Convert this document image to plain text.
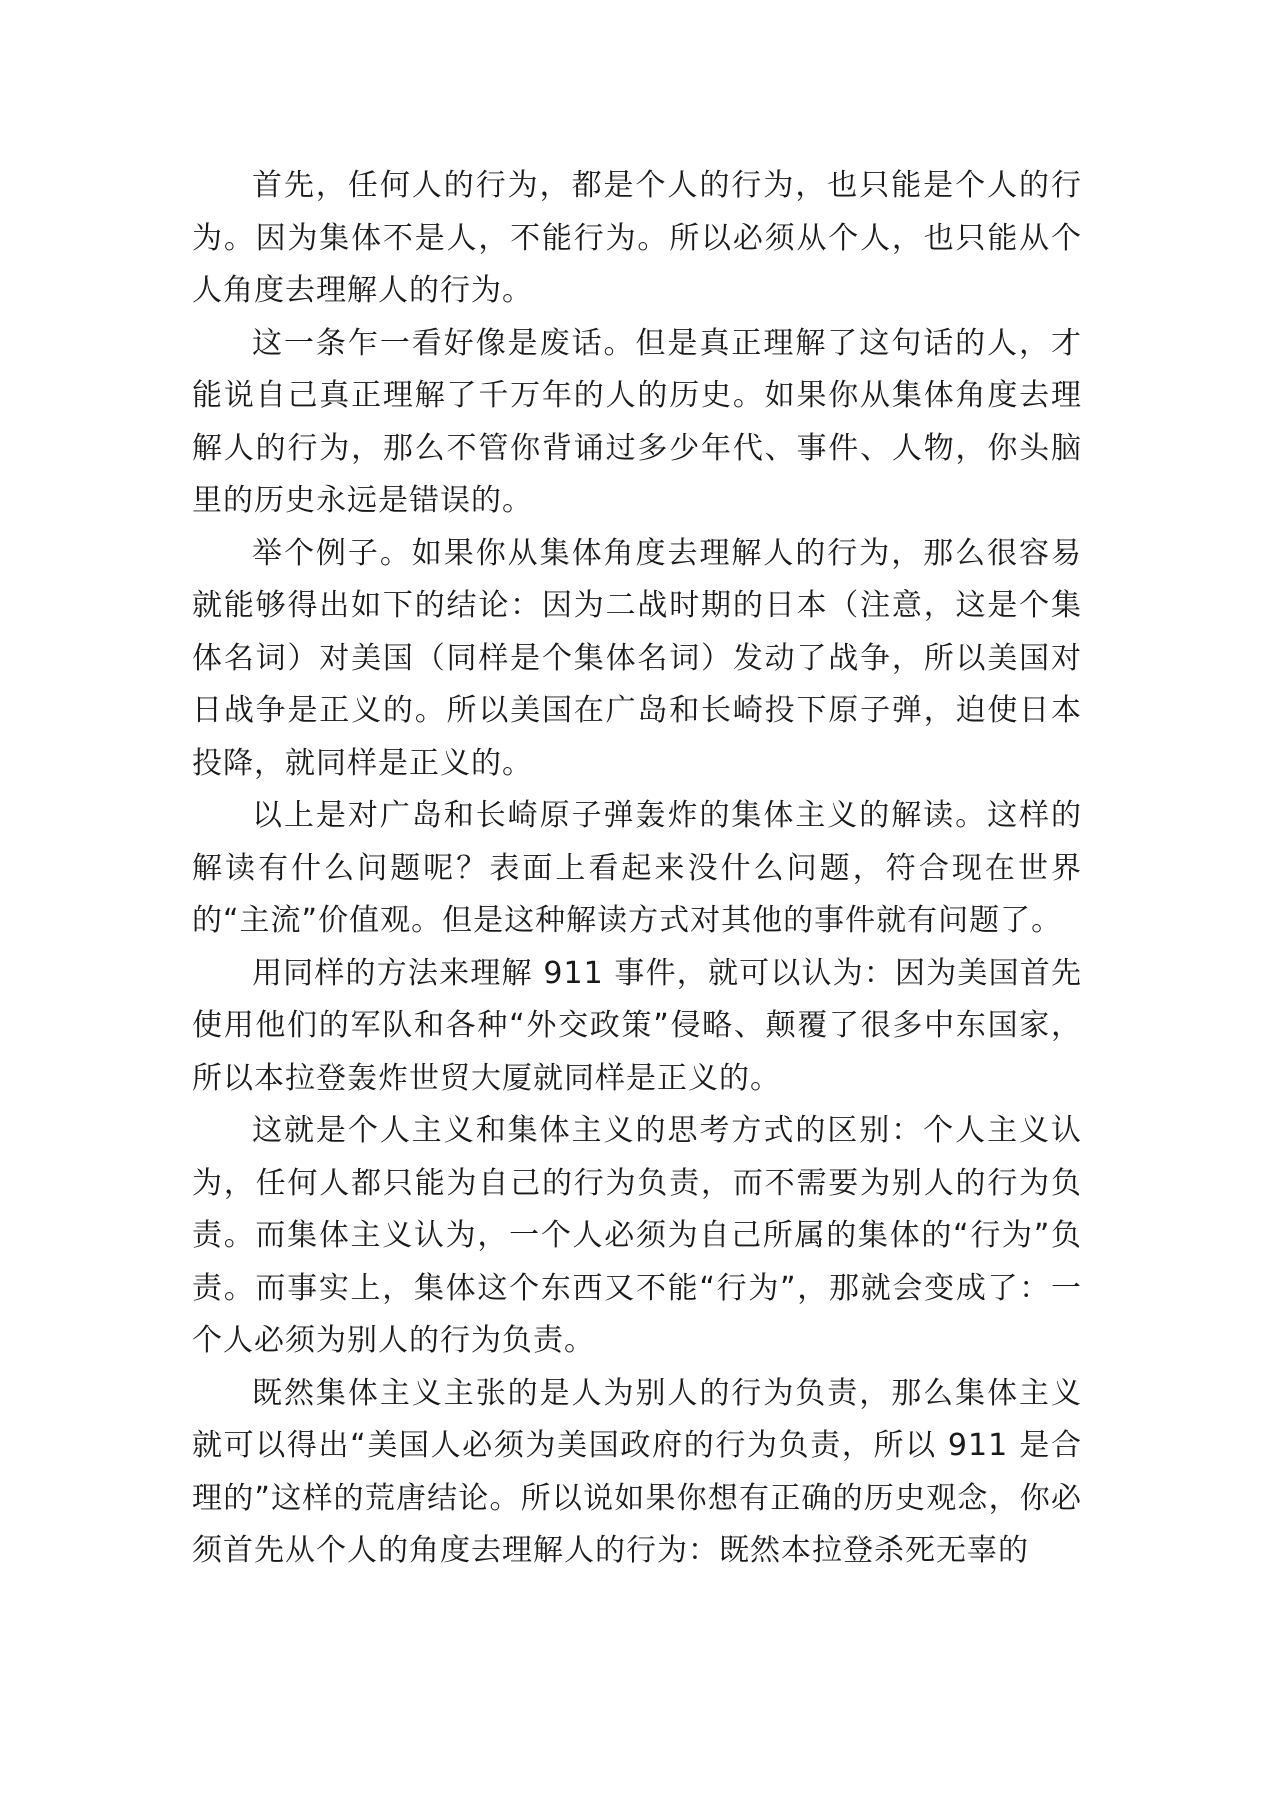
首先，任何人的行为，都是个人的行为，也只能是个人的行为。因为集体不是人，不能行为。所以必须从个人，也只能从个人角度去理解人的行为。

这一条乍一看好像是废话。但是真正理解了这句话的人，才能说自己真正理解了千万年的人的历史。如果你从集体角度去理解人的行为，那么不管你背诵过多少年代、事件、人物，你头脑里的历史永远是错误的。

举个例子。如果你从集体角度去理解人的行为，那么很容易就能够得出如下的结论：因为二战时期的日本（注意，这是个集体名词）对美国（同样是个集体名词）发动了战争，所以美国对日战争是正义的。所以美国在广岛和长崎投下原子弹，迫使日本投降，就同样是正义的。

以上是对广岛和长崎原子弹轰炸的集体主义的解读。这样的解读有什么问题呢？表面上看起来没什么问题，符合现在世界的“主流”价值观。但是这种解读方式对其他的事件就有问题了。

用同样的方法来理解 911 事件，就可以认为：因为美国首先使用他们的军队和各种“外交政策”侵略、颠覆了很多中东国家，所以本拉登轰炸世贸大厦就同样是正义的。

这就是个人主义和集体主义的思考方式的区别：个人主义认为，任何人都只能为自己的行为负责，而不需要为别人的行为负责。而集体主义认为，一个人必须为自己所属的集体的“行为”负责。而事实上，集体这个东西又不能“行为”，那就会变成了：一个人必须为别人的行为负责。

既然集体主义主张的是人为别人的行为负责，那么集体主义就可以得出“美国人必须为美国政府的行为负责，所以 911 是合理的”这样的荒唐结论。所以说如果你想有正确的历史观念，你必须首先从个人的角度去理解人的行为：既然本拉登杀死无辜的
